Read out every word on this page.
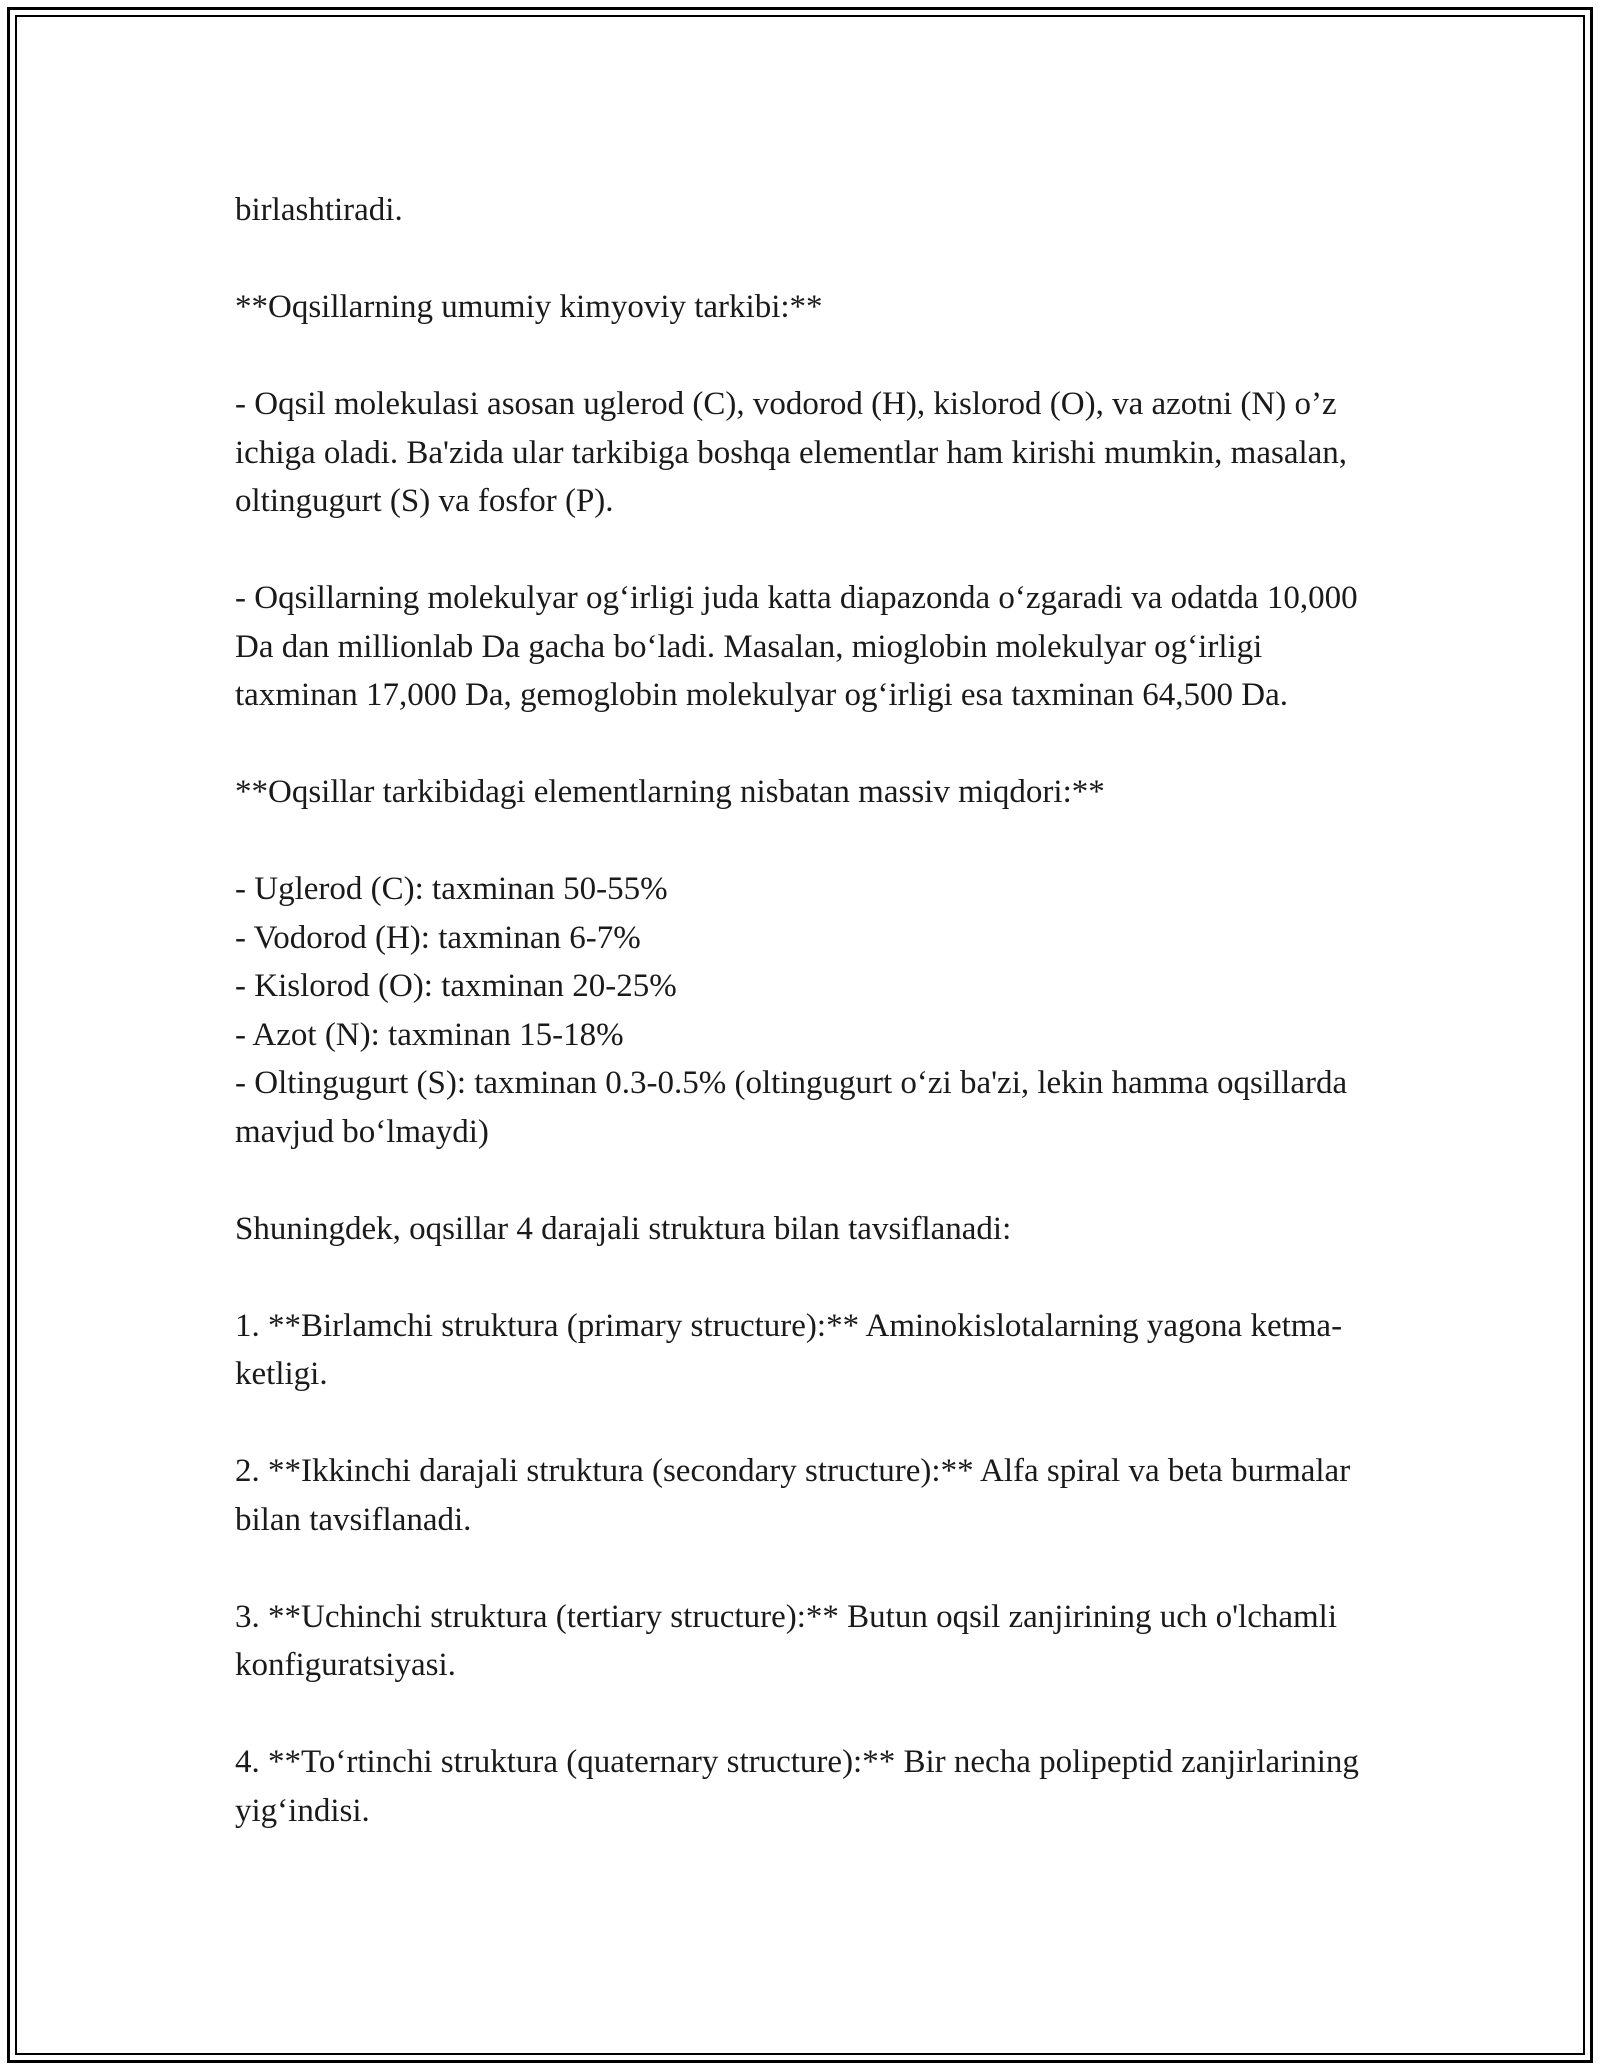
birlashtiradi.

**Oqsillarning umumiy kimyoviy tarkibi:**

- Oqsil molekulasi asosan uglerod (C), vodorod (H), kislorod (O), va azotni (N) o’z ichiga oladi. Ba'zida ular tarkibiga boshqa elementlar ham kirishi mumkin, masalan, oltingugurt (S) va fosfor (P).

- Oqsillarning molekulyar og‘irligi juda katta diapazonda o‘zgaradi va odatda 10,000 Da dan millionlab Da gacha bo‘ladi. Masalan, mioglobin molekulyar og‘irligi taxminan 17,000 Da, gemoglobin molekulyar og‘irligi esa taxminan 64,500 Da.

**Oqsillar tarkibidagi elementlarning nisbatan massiv miqdori:**

- Uglerod (C): taxminan 50-55%

- Vodorod (H): taxminan 6-7%

- Kislorod (O): taxminan 20-25%

- Azot (N): taxminan 15-18%

- Oltingugurt (S): taxminan 0.3-0.5% (oltingugurt o‘zi ba'zi, lekin hamma oqsillarda mavjud bo‘lmaydi)

Shuningdek, oqsillar 4 darajali struktura bilan tavsiflanadi:

1. **Birlamchi struktura (primary structure):** Aminokislotalarning yagona ketma-ketligi.

2. **Ikkinchi darajali struktura (secondary structure):** Alfa spiral va beta burmalar bilan tavsiflanadi.

3. **Uchinchi struktura (tertiary structure):** Butun oqsil zanjirining uch o'lchamli konfiguratsiyasi.

4. **To‘rtinchi struktura (quaternary structure):** Bir necha polipeptid zanjirlarining yig‘indisi.
